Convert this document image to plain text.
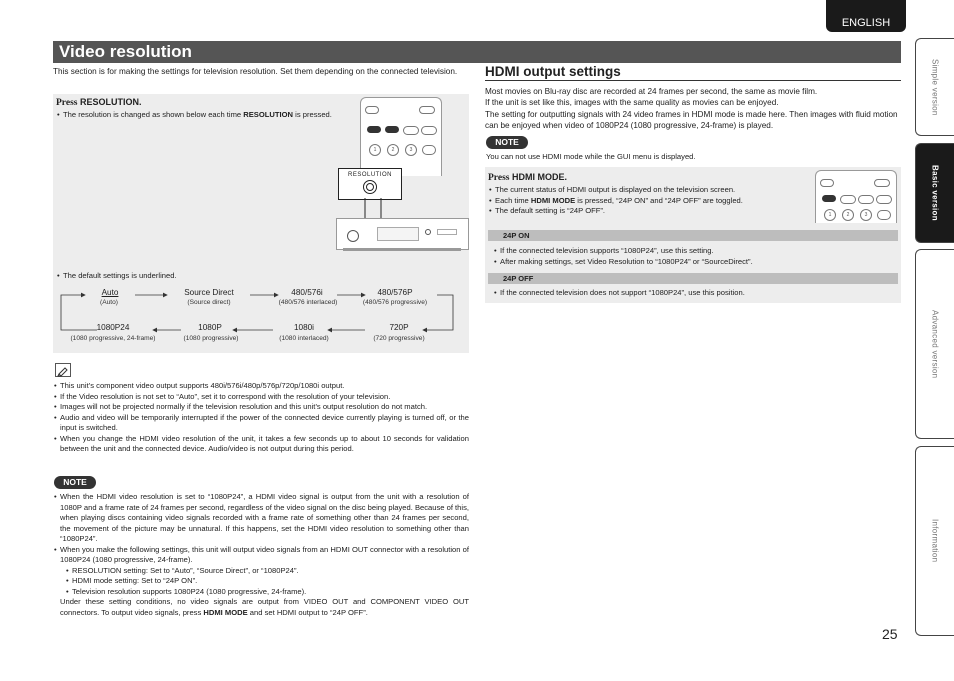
ENGLISH
Video resolution
This section is for making the settings for television resolution. Set them depending on the connected television.
Press RESOLUTION.
• The resolution is changed as shown below each time RESOLUTION is pressed.
1	2	3
RESOLUTION
• The default settings is underlined.
Auto
(Auto)
Source Direct
(Source direct)
480/576i
(480/576 interlaced)
480/576P
(480/576 progressive)
720P
(720 progressive)
1080i
(1080 interlaced)
1080P
(1080 progressive)
1080P24
(1080 progressive, 24-frame)
• This unit’s component video output supports 480i/576i/480p/576p/720p/1080i output.
• If the Video resolution is not set to “Auto”, set it to correspond with the resolution of your television.
• Images will not be projected normally if the television resolution and this unit’s output resolution do not match.
• Audio and video will be temporarily interrupted if the power of the connected device currently playing is turned off, or the input is switched.
• When you change the HDMI video resolution of the unit, it takes a few seconds up to about 10 seconds for validation between the unit and the connected device. Audio/video is not output during this period.
NOTE
• When the HDMI video resolution is set to “1080P24”, a HDMI video signal is output from the unit with a resolution of 1080P and a frame rate of 24 frames per second, regardless of the video signal on the disc being played. Because of this, when playing discs containing video signals recorded with a frame rate of something other than 24 frames per second, the movement of the picture may be unnatural. If this happens, set the HDMI video resolution to something other than “1080P24”.
• When you make the following settings, this unit will output video signals from an HDMI OUT connector with a resolution of 1080P24 (1080 progressive, 24-frame).
• RESOLUTION setting: Set to “Auto”, “Source Direct”, or “1080P24”.
• HDMI mode setting: Set to “24P ON”.
• Television resolution supports 1080P24 (1080 progressive, 24-frame).
Under these setting conditions, no video signals are output from VIDEO OUT and COMPONENT VIDEO OUT connectors. To output video signals, press HDMI MODE and set HDMI output to “24P OFF”.
HDMI output settings
Most movies on Blu-ray disc are recorded at 24 frames per second, the same as movie film.
If the unit is set like this, images with the same quality as movies can be enjoyed.
The setting for outputting signals with 24 video frames in HDMI mode is made here. Then images with fluid motion can be enjoyed when video of 1080P24 (1080 progressive, 24-frame) is played.
NOTE
You can not use HDMI mode while the GUI menu is displayed.
Press HDMI MODE.
• The current status of HDMI output is displayed on the television screen.
• Each time HDMI MODE is pressed, “24P ON” and “24P OFF” are toggled.
• The default setting is “24P OFF”.	1	2	3
24P ON
• If the connected television supports “1080P24”, use this setting.
• After making settings, set Video Resolution to “1080P24” or “SourceDirect”.
24P OFF
• If the connected television does not support “1080P24”, use this position.
Simple version
Basic version
Advanced version
Information
25
